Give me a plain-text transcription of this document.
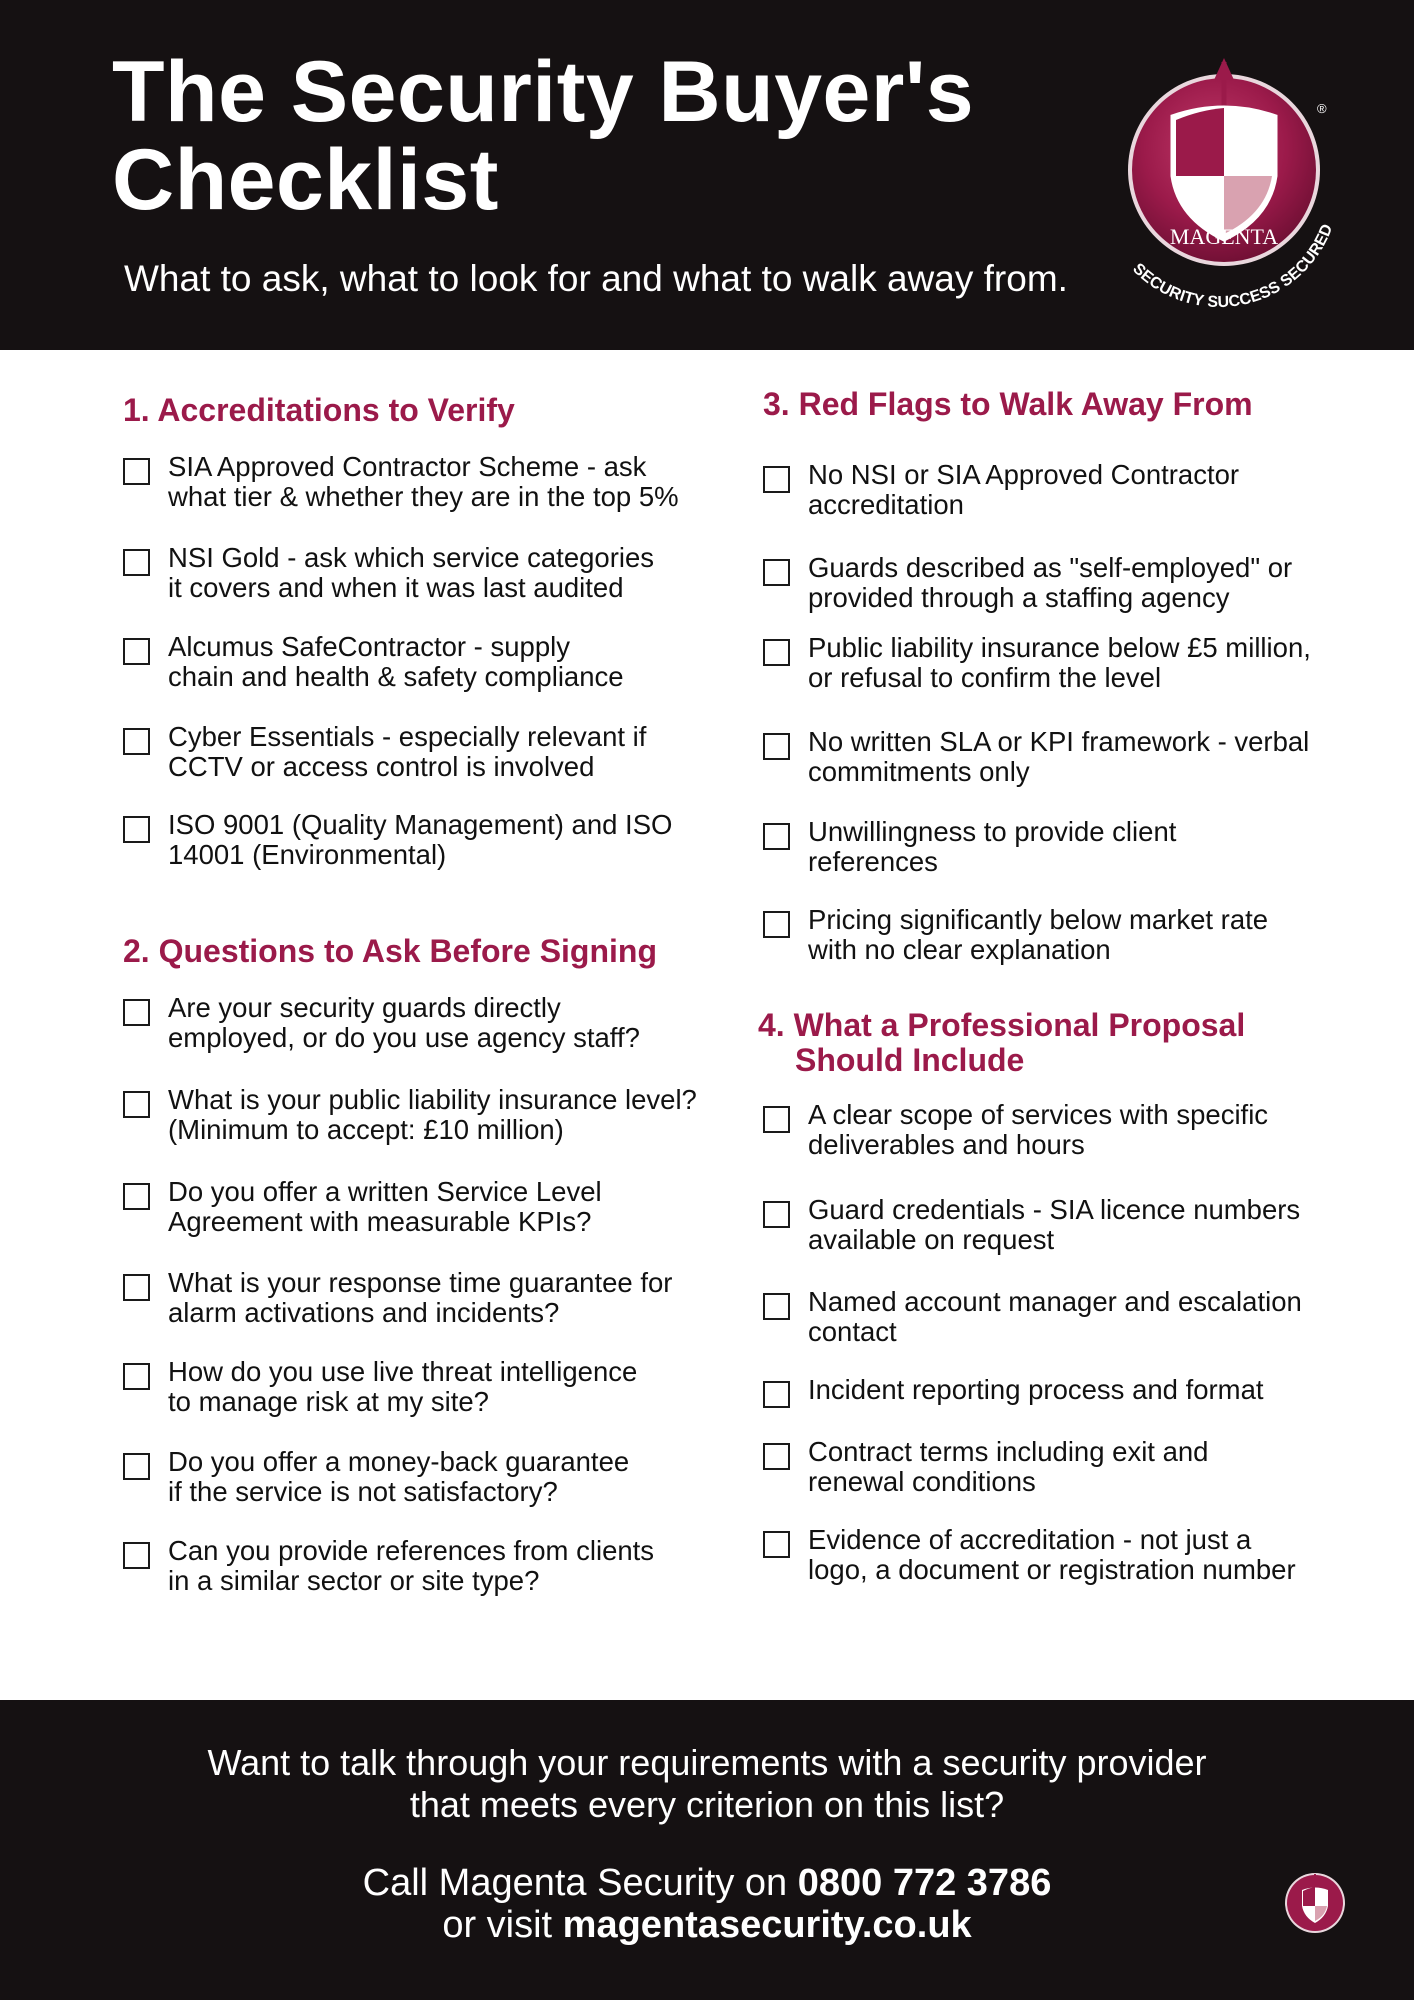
The Security Buyer's
Checklist
What to ask, what to look for and what to walk away from.
MAGENTA
SECURITY SUCCESS SECURED
®
1. Accreditations to Verify
SIA Approved Contractor Scheme - ask
what tier & whether they are in the top 5%
NSI Gold - ask which service categories
it covers and when it was last audited
Alcumus SafeContractor - supply
chain and health & safety compliance
Cyber Essentials - especially relevant if
CCTV or access control is involved
ISO 9001 (Quality Management) and ISO
14001 (Environmental)
2. Questions to Ask Before Signing
Are your security guards directly
employed, or do you use agency staff?
What is your public liability insurance level?
(Minimum to accept: £10 million)
Do you offer a written Service Level
Agreement with measurable KPIs?
What is your response time guarantee for
alarm activations and incidents?
How do you use live threat intelligence
to manage risk at my site?
Do you offer a money-back guarantee
if the service is not satisfactory?
Can you provide references from clients
in a similar sector or site type?
3. Red Flags to Walk Away From
No NSI or SIA Approved Contractor
accreditation
Guards described as "self-employed" or
provided through a staffing agency
Public liability insurance below £5 million,
or refusal to confirm the level
No written SLA or KPI framework - verbal
commitments only
Unwillingness to provide client
references
Pricing significantly below market rate
with no clear explanation
4. What a Professional Proposal
Should Include
A clear scope of services with specific
deliverables and hours
Guard credentials - SIA licence numbers
available on request
Named account manager and escalation
contact
Incident reporting process and format
Contract terms including exit and
renewal conditions
Evidence of accreditation - not just a
logo, a document or registration number
Want to talk through your requirements with a security provider
that meets every criterion on this list?
Call Magenta Security on 0800 772 3786
or visit magentasecurity.co.uk
